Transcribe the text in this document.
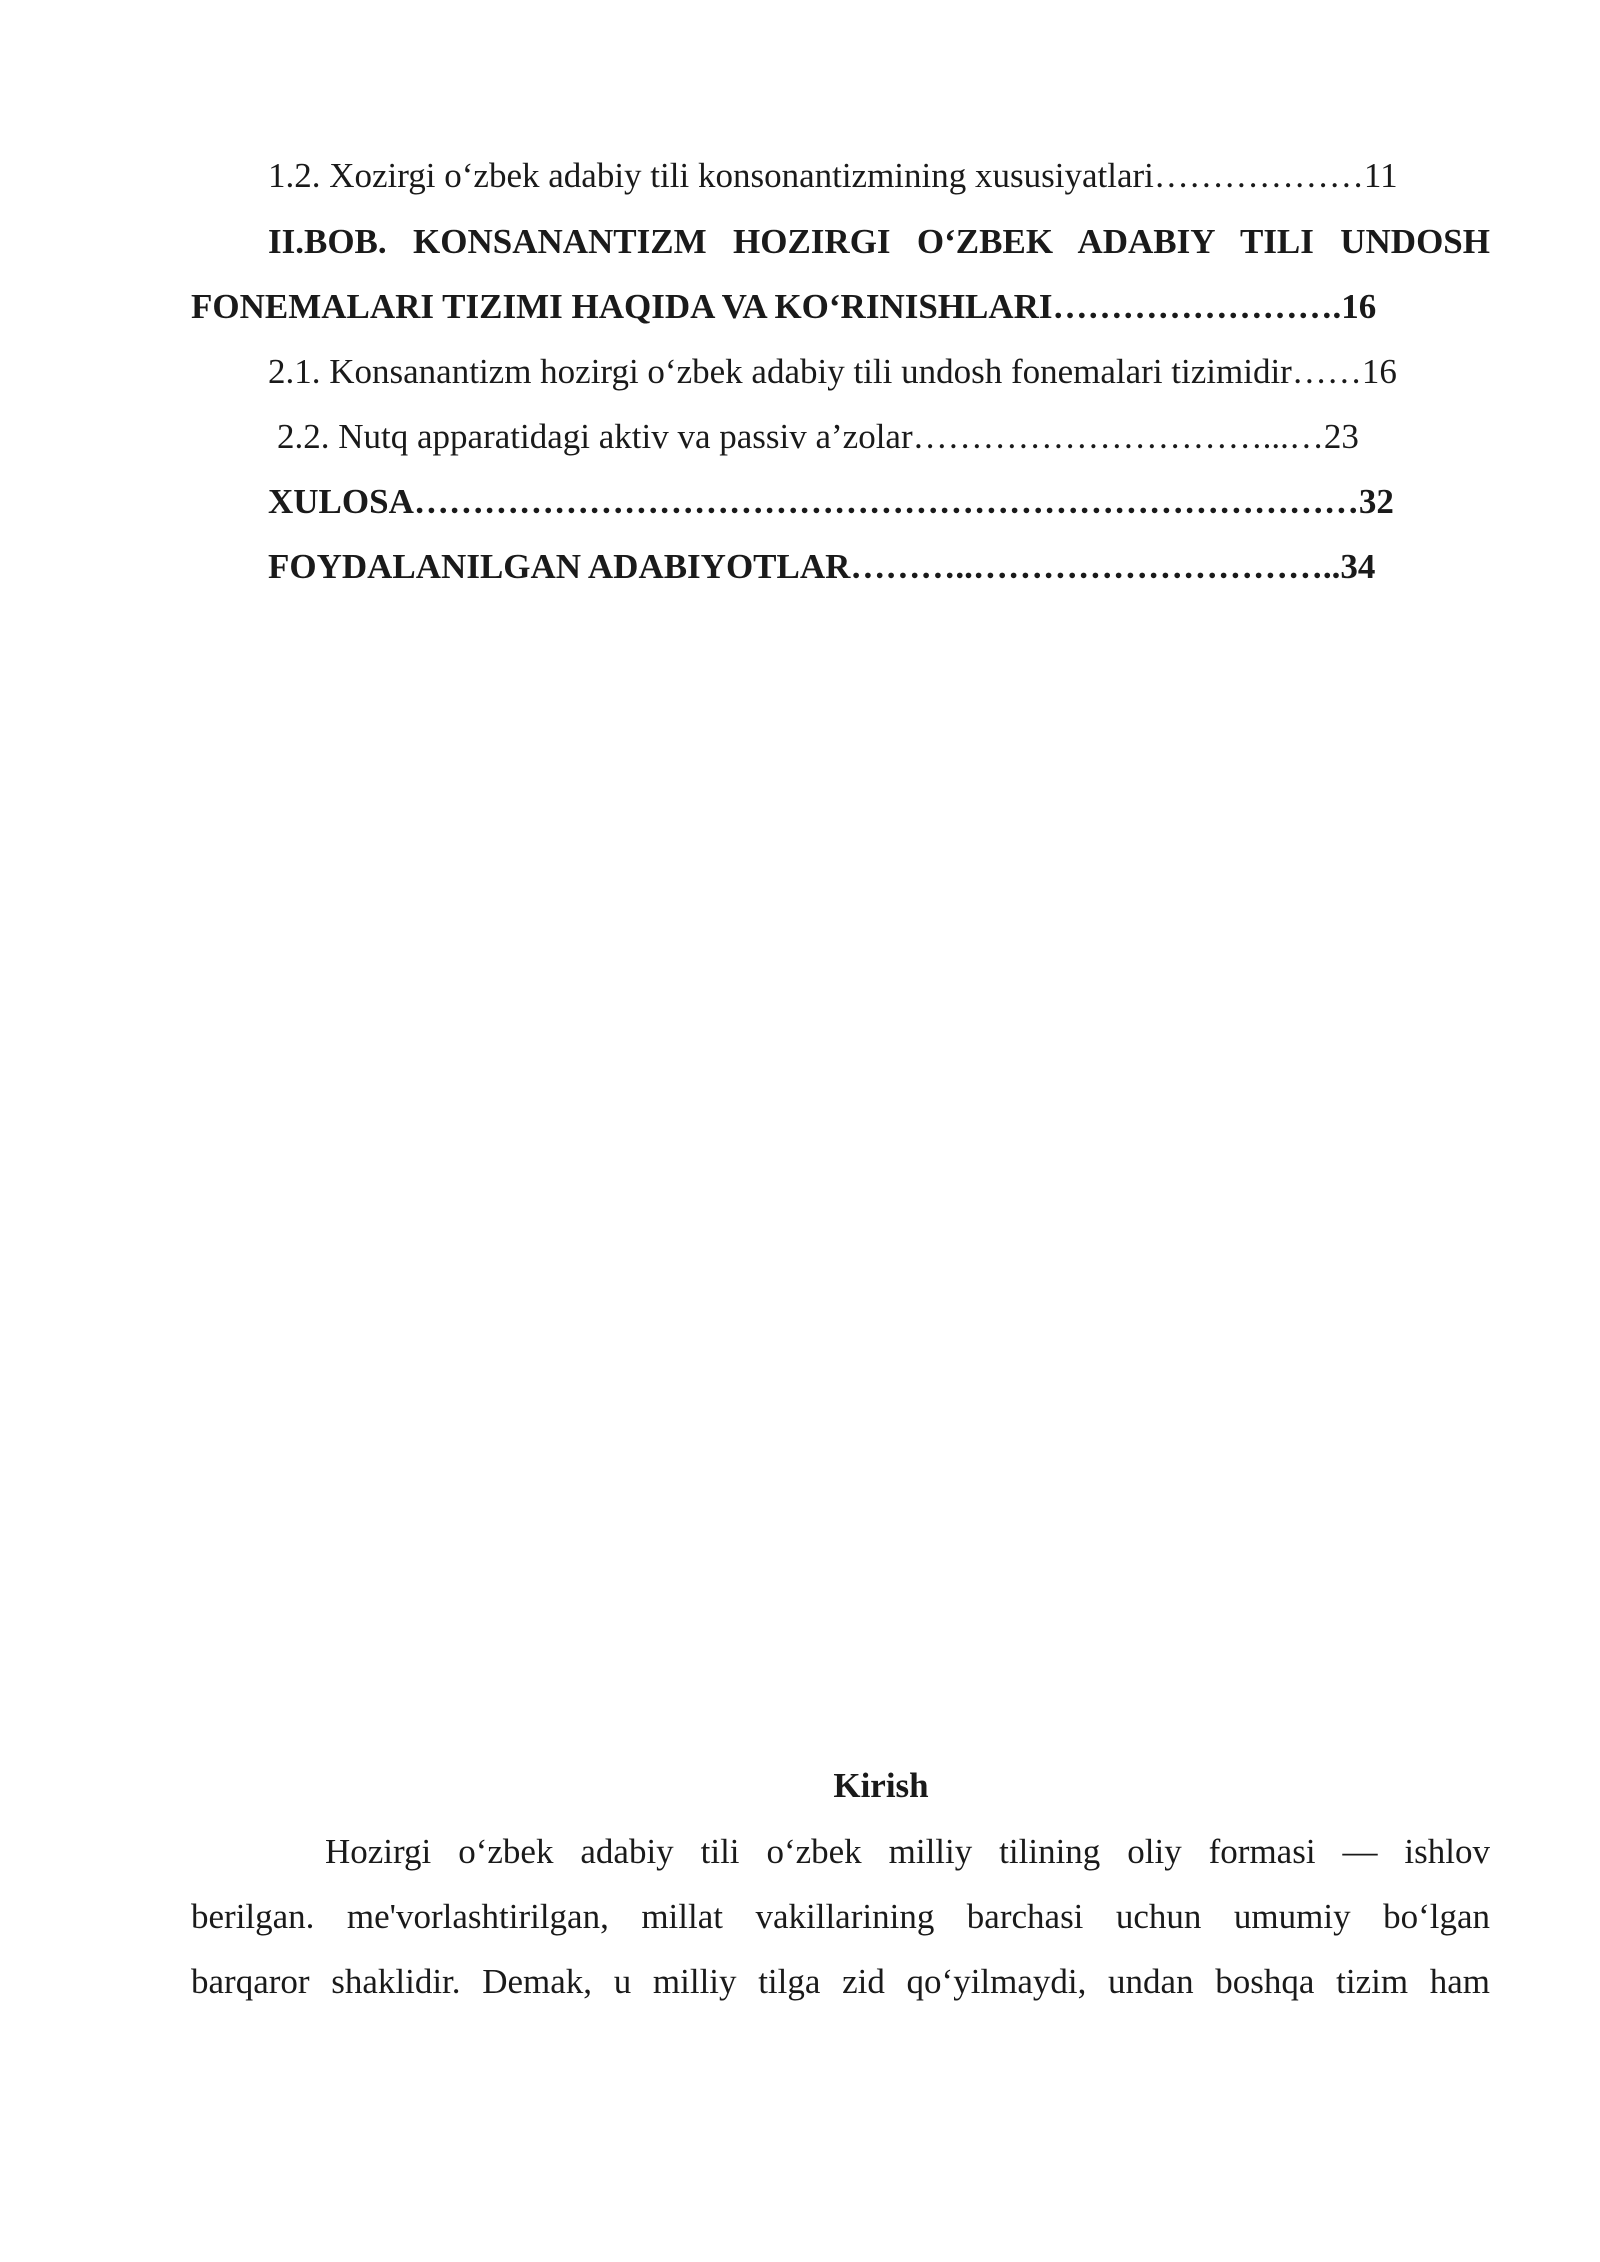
1.2. Xozirgi o‘zbek adabiy tili konsonantizmining xususiyatlari………………11
II.BOB. KONSANANTIZM HOZIRGI O‘ZBEK ADABIY TILI UNDOSH
FONEMALARI TIZIMI HAQIDA VA KO‘RINISHLARI…………………….16
2.1. Konsanantizm hozirgi o‘zbek adabiy tili undosh fonemalari tizimidir……16
2.2. Nutq apparatidagi aktiv va passiv a’zolar…………………………...…23
XULOSA………………………………………………………………………32
FOYDALANILGAN ADABIYOTLAR………..…………………………..34
Kirish
Hozirgi o‘zbek adabiy tili o‘zbek milliy tilining oliy formasi — ishlov
berilgan. me'vorlashtirilgan, millat vakillarining barchasi uchun umumiy bo‘lgan
barqaror shaklidir. Demak, u milliy tilga zid qo‘yilmaydi, undan boshqa tizim ham
